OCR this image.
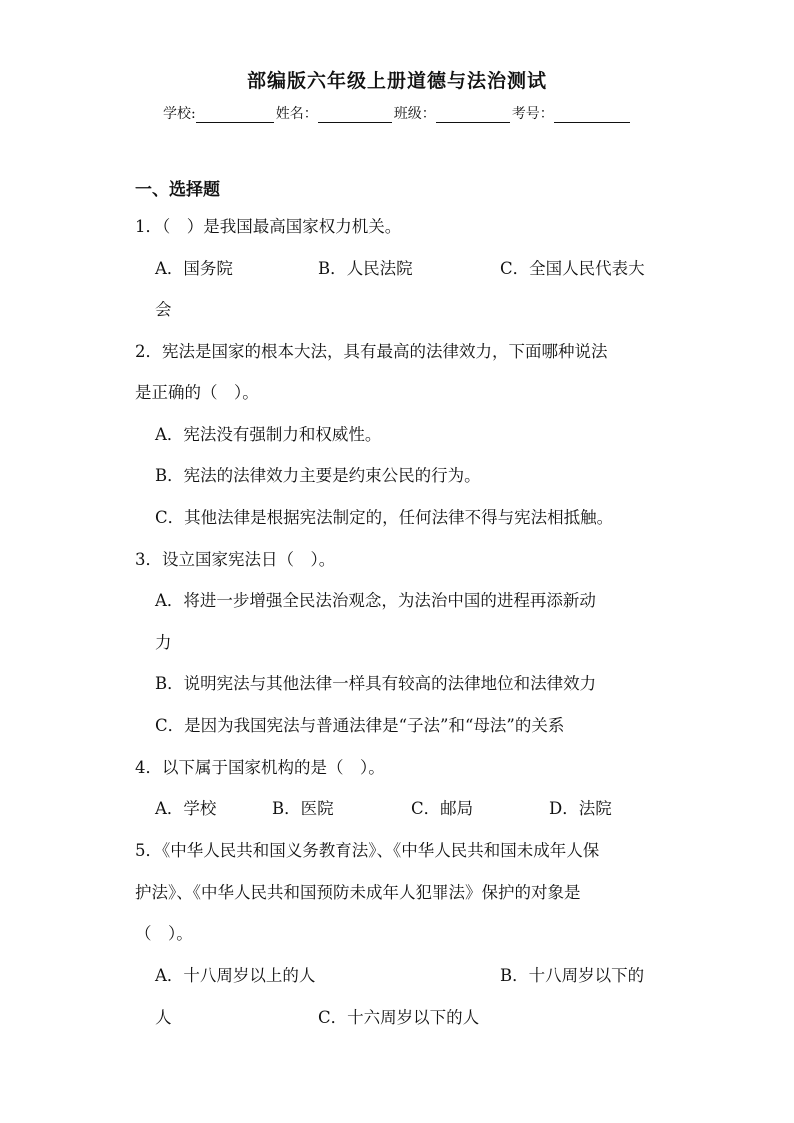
部编版六年级上册道德与法治测试
学校:	姓名：	班级：	考号：
一、选择题
1．（　）是我国最高国家权力机关。
A．国务院	B．人民法院	C．全国人民代表大
会
2．宪法是国家的根本大法，具有最高的法律效力，下面哪种说法
是正确的（　）。
A．宪法没有强制力和权威性。
B．宪法的法律效力主要是约束公民的行为。
C．其他法律是根据宪法制定的，任何法律不得与宪法相抵触。
3．设立国家宪法日（　）。
A．将进一步增强全民法治观念，为法治中国的进程再添新动
力
B．说明宪法与其他法律一样具有较高的法律地位和法律效力
C．是因为我国宪法与普通法律是“子法”和“母法”的关系
4．以下属于国家机构的是（　）。
A．学校	B．医院	C．邮局	D．法院
5．《中华人民共和国义务教育法》、《中华人民共和国未成年人保
护法》、《中华人民共和国预防未成年人犯罪法》保护的对象是
（　）。
A．十八周岁以上的人	B．十八周岁以下的
人	C．十六周岁以下的人
